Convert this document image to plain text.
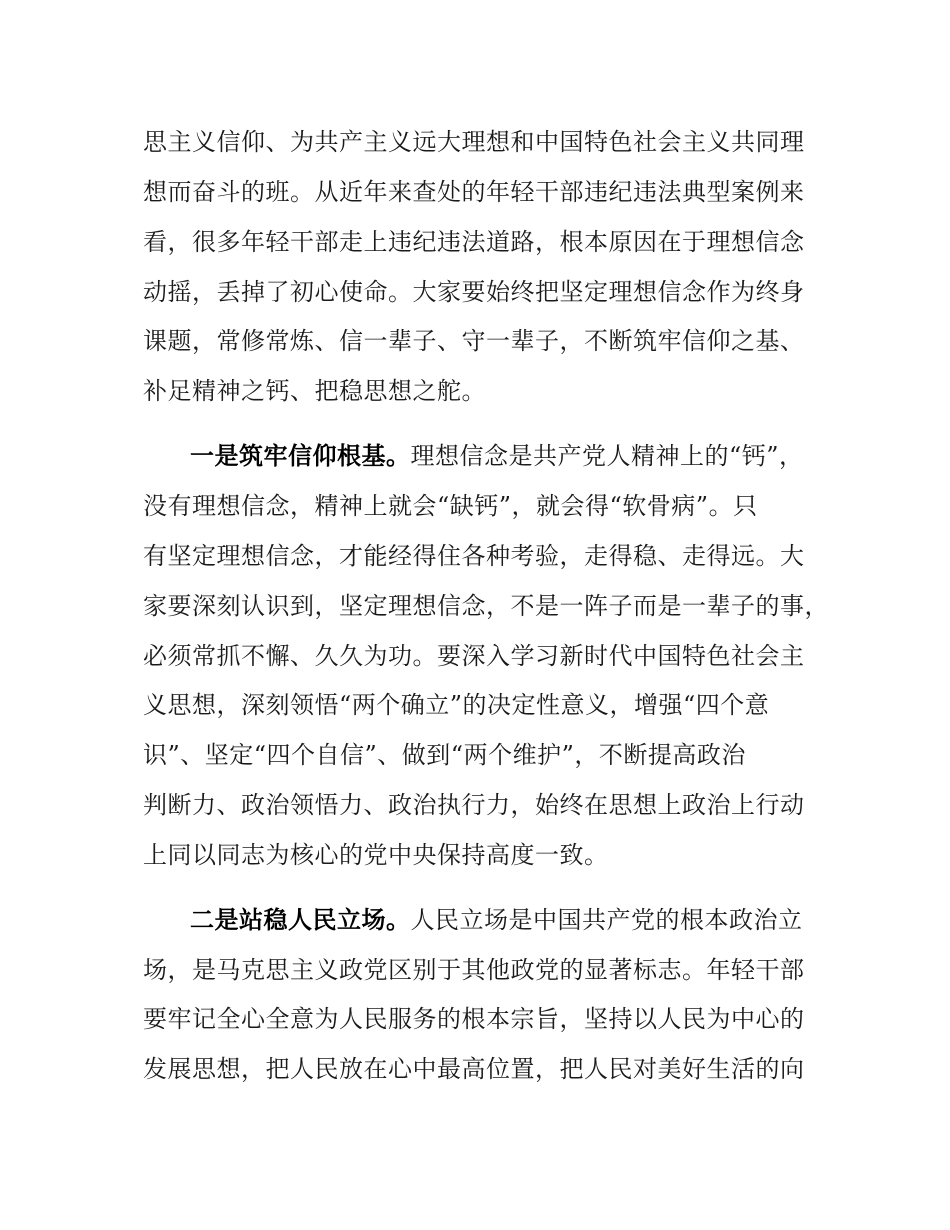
思主义信仰、为共产主义远大理想和中国特色社会主义共同理
想而奋斗的班。从近年来查处的年轻干部违纪违法典型案例来
看，很多年轻干部走上违纪违法道路，根本原因在于理想信念
动摇，丢掉了初心使命。大家要始终把坚定理想信念作为终身
课题，常修常炼、信一辈子、守一辈子，不断筑牢信仰之基、
补足精神之钙、把稳思想之舵。
一是筑牢信仰根基。理想信念是共产党人精神上的“钙”，
没有理想信念，精神上就会“缺钙”，就会得“软骨病”。只
有坚定理想信念，才能经得住各种考验，走得稳、走得远。大
家要深刻认识到，坚定理想信念，不是一阵子而是一辈子的事，
必须常抓不懈、久久为功。要深入学习新时代中国特色社会主
义思想，深刻领悟“两个确立”的决定性意义，增强“四个意
识”、坚定“四个自信”、做到“两个维护”，不断提高政治
判断力、政治领悟力、政治执行力，始终在思想上政治上行动
上同以同志为核心的党中央保持高度一致。
二是站稳人民立场。人民立场是中国共产党的根本政治立
场，是马克思主义政党区别于其他政党的显著标志。年轻干部
要牢记全心全意为人民服务的根本宗旨，坚持以人民为中心的
发展思想，把人民放在心中最高位置，把人民对美好生活的向
